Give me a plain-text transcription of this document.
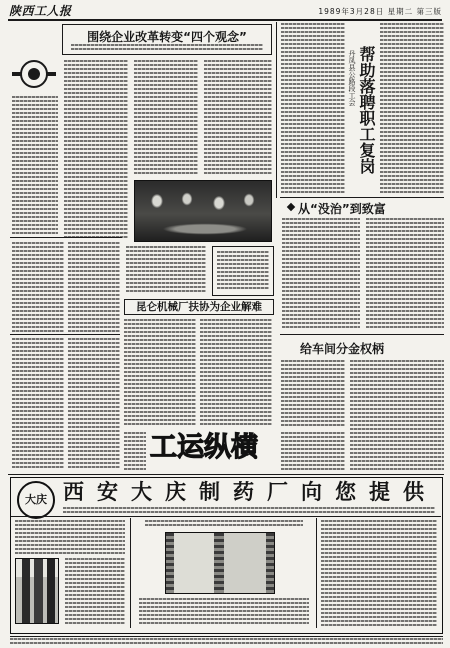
陕西工人报	1989年3月28日 星期二 第三版
围绕企业改革转变“四个观念”
丹凤县公路段工会 帮助落聘职工复岗
从“没治”到致富
昆仑机械厂扶协为企业解难
给车间分金权柄
工运纵横
大庆 西安大庆制药厂向您提供
